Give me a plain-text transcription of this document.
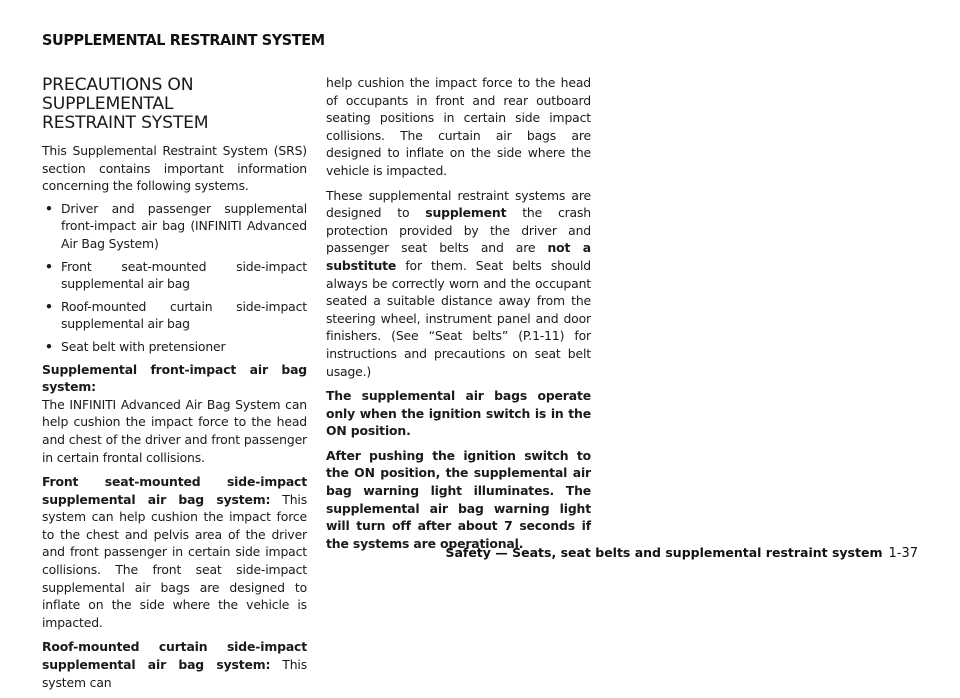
SUPPLEMENTAL RESTRAINT SYSTEM
PRECAUTIONS ON SUPPLEMENTAL
RESTRAINT SYSTEM

This Supplemental Restraint System (SRS) section contains important information concerning the following systems.

• Driver and passenger supplemental front-impact air bag (INFINITI Advanced Air Bag System)
• Front seat-mounted side-impact supplemental air bag
• Roof-mounted curtain side-impact supplemental air bag
• Seat belt with pretensioner

Supplemental front-impact air bag system:
The INFINITI Advanced Air Bag System can help cushion the impact force to the head and chest of the driver and front passenger in certain frontal collisions.

Front seat-mounted side-impact supplemental air bag system: This system can help cushion the impact force to the chest and pelvis area of the driver and front passenger in certain side impact collisions. The front seat side-impact supplemental air bags are designed to inflate on the side where the vehicle is impacted.

Roof-mounted curtain side-impact supplemental air bag system: This system can

help cushion the impact force to the head of occupants in front and rear outboard seating positions in certain side impact collisions. The curtain air bags are designed to inflate on the side where the vehicle is impacted.

These supplemental restraint systems are designed to supplement the crash protection provided by the driver and passenger seat belts and are not a substitute for them. Seat belts should always be correctly worn and the occupant seated a suitable distance away from the steering wheel, instrument panel and door finishers. (See “Seat belts” (P.1-11) for instructions and precautions on seat belt usage.)

The supplemental air bags operate only when the ignition switch is in the ON position.

After pushing the ignition switch to the ON position, the supplemental air bag warning light illuminates. The supplemental air bag warning light will turn off after about 7 seconds if the systems are operational.

Safety — Seats, seat belts and supplemental restraint system 1-37
